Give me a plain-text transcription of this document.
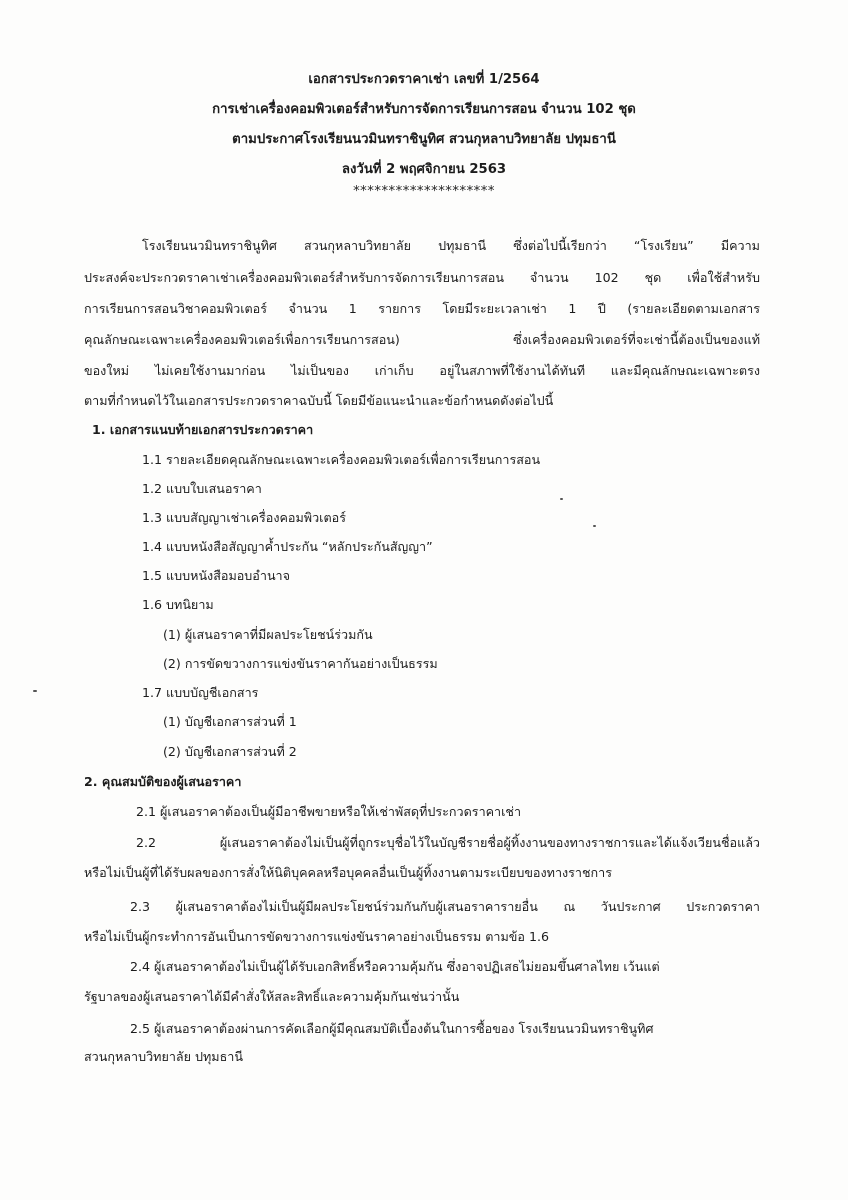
เอกสารประกวดราคาเช่า เลขที่ 1/2564
การเช่าเครื่องคอมพิวเตอร์สำหรับการจัดการเรียนการสอน จำนวน 102 ชุด
ตามประกาศโรงเรียนนวมินทราชินูทิศ สวนกุหลาบวิทยาลัย ปทุมธานี
ลงวันที่ 2 พฤศจิกายน 2563
********************
โรงเรียนนวมินทราชินูทิศ สวนกุหลาบวิทยาลัย ปทุมธานี ซึ่งต่อไปนี้เรียกว่า “โรงเรียน” มีความ
ประสงค์จะประกวดราคาเช่าเครื่องคอมพิวเตอร์สำหรับการจัดการเรียนการสอน จำนวน 102 ชุด เพื่อใช้สำหรับ
การเรียนการสอนวิชาคอมพิวเตอร์ จำนวน 1 รายการ โดยมีระยะเวลาเช่า 1 ปี (รายละเอียดตามเอกสาร
คุณลักษณะเฉพาะเครื่องคอมพิวเตอร์เพื่อการเรียนการสอน) ซึ่งเครื่องคอมพิวเตอร์ที่จะเช่านี้ต้องเป็นของแท้
ของใหม่ ไม่เคยใช้งานมาก่อน ไม่เป็นของ เก่าเก็บ อยู่ในสภาพที่ใช้งานได้ทันที และมีคุณลักษณะเฉพาะตรง
ตามที่กำหนดไว้ในเอกสารประกวดราคาฉบับนี้ โดยมีข้อแนะนำและข้อกำหนดดังต่อไปนี้
1. เอกสารแนบท้ายเอกสารประกวดราคา
1.1 รายละเอียดคุณลักษณะเฉพาะเครื่องคอมพิวเตอร์เพื่อการเรียนการสอน
1.2 แบบใบเสนอราคา
1.3 แบบสัญญาเช่าเครื่องคอมพิวเตอร์
1.4 แบบหนังสือสัญญาค้ำประกัน “หลักประกันสัญญา”
1.5 แบบหนังสือมอบอำนาจ
1.6 บทนิยาม
(1) ผู้เสนอราคาที่มีผลประโยชน์ร่วมกัน
(2) การขัดขวางการแข่งขันราคากันอย่างเป็นธรรม
1.7 แบบบัญชีเอกสาร
(1) บัญชีเอกสารส่วนที่ 1
(2) บัญชีเอกสารส่วนที่ 2
2. คุณสมบัติของผู้เสนอราคา
2.1 ผู้เสนอราคาต้องเป็นผู้มีอาชีพขายหรือให้เช่าพัสดุที่ประกวดราคาเช่า
2.2 ผู้เสนอราคาต้องไม่เป็นผู้ที่ถูกระบุชื่อไว้ในบัญชีรายชื่อผู้ทิ้งงานของทางราชการและได้แจ้งเวียนชื่อแล้ว
หรือไม่เป็นผู้ที่ได้รับผลของการสั่งให้นิติบุคคลหรือบุคคลอื่นเป็นผู้ทิ้งงานตามระเบียบของทางราชการ
2.3 ผู้เสนอราคาต้องไม่เป็นผู้มีผลประโยชน์ร่วมกันกับผู้เสนอราคารายอื่น ณ วันประกาศ ประกวดราคา
หรือไม่เป็นผู้กระทำการอันเป็นการขัดขวางการแข่งขันราคาอย่างเป็นธรรม ตามข้อ 1.6
2.4 ผู้เสนอราคาต้องไม่เป็นผู้ได้รับเอกสิทธิ์หรือความคุ้มกัน ซึ่งอาจปฏิเสธไม่ยอมขึ้นศาลไทย เว้นแต่
รัฐบาลของผู้เสนอราคาได้มีคำสั่งให้สละสิทธิ์และความคุ้มกันเช่นว่านั้น
2.5 ผู้เสนอราคาต้องผ่านการคัดเลือกผู้มีคุณสมบัติเบื้องต้นในการซื้อของ โรงเรียนนวมินทราชินูทิศ
สวนกุหลาบวิทยาลัย ปทุมธานี
